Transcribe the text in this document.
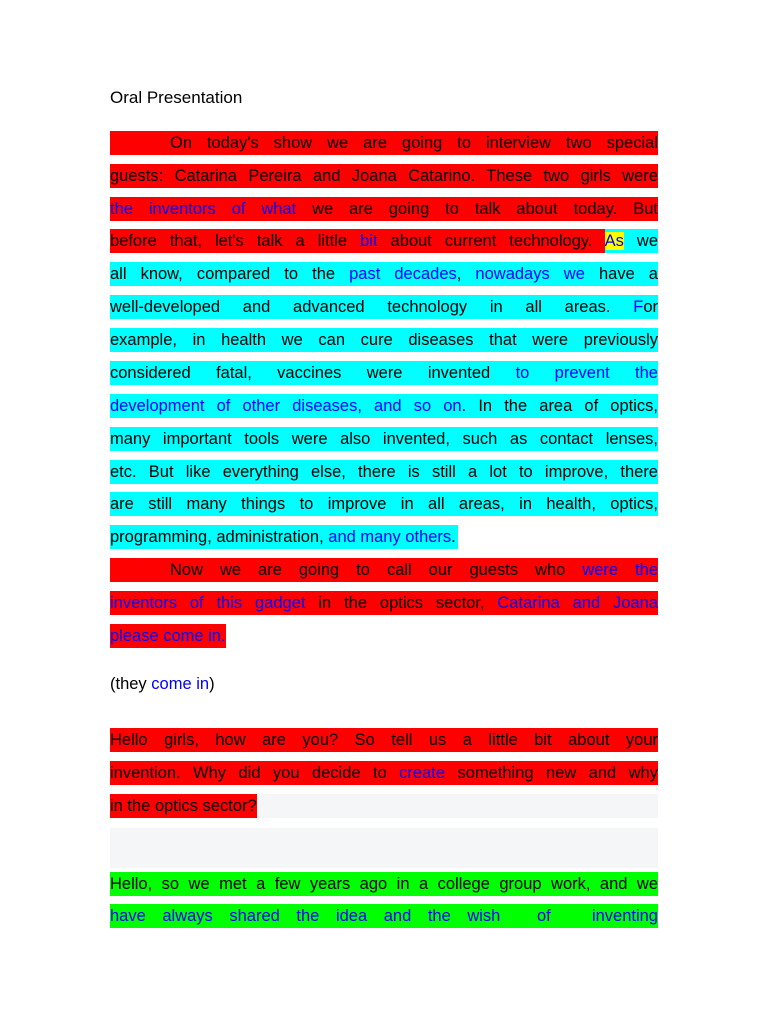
Oral Presentation
On today's show we are going to interview two special
guests: Catarina Pereira and Joana Catarino. These two girls were
the inventors of what we are going to talk about today. But
before that, let's talk a little bit about current technology. As we
all know, compared to the past decades, nowadays we have a
well-developed and advanced technology in all areas. For
example, in health we can cure diseases that were previously
considered fatal, vaccines were invented to prevent the
development of other diseases, and so on. In the area of optics,
many important tools were also invented, such as contact lenses,
etc. But like everything else, there is still a lot to improve, there
are still many things to improve in all areas, in health, optics,
programming, administration, and many others.
Now we are going to call our guests who were the
inventors of this gadget in the optics sector, Catarina and Joana
please come in.
(they come in)
Hello girls, how are you? So tell us a little bit about your
invention. Why did you decide to create something new and why
in the optics sector?
Hello, so we met a few years ago in a college group work, and we
have always shared the idea and the wish of inventing
